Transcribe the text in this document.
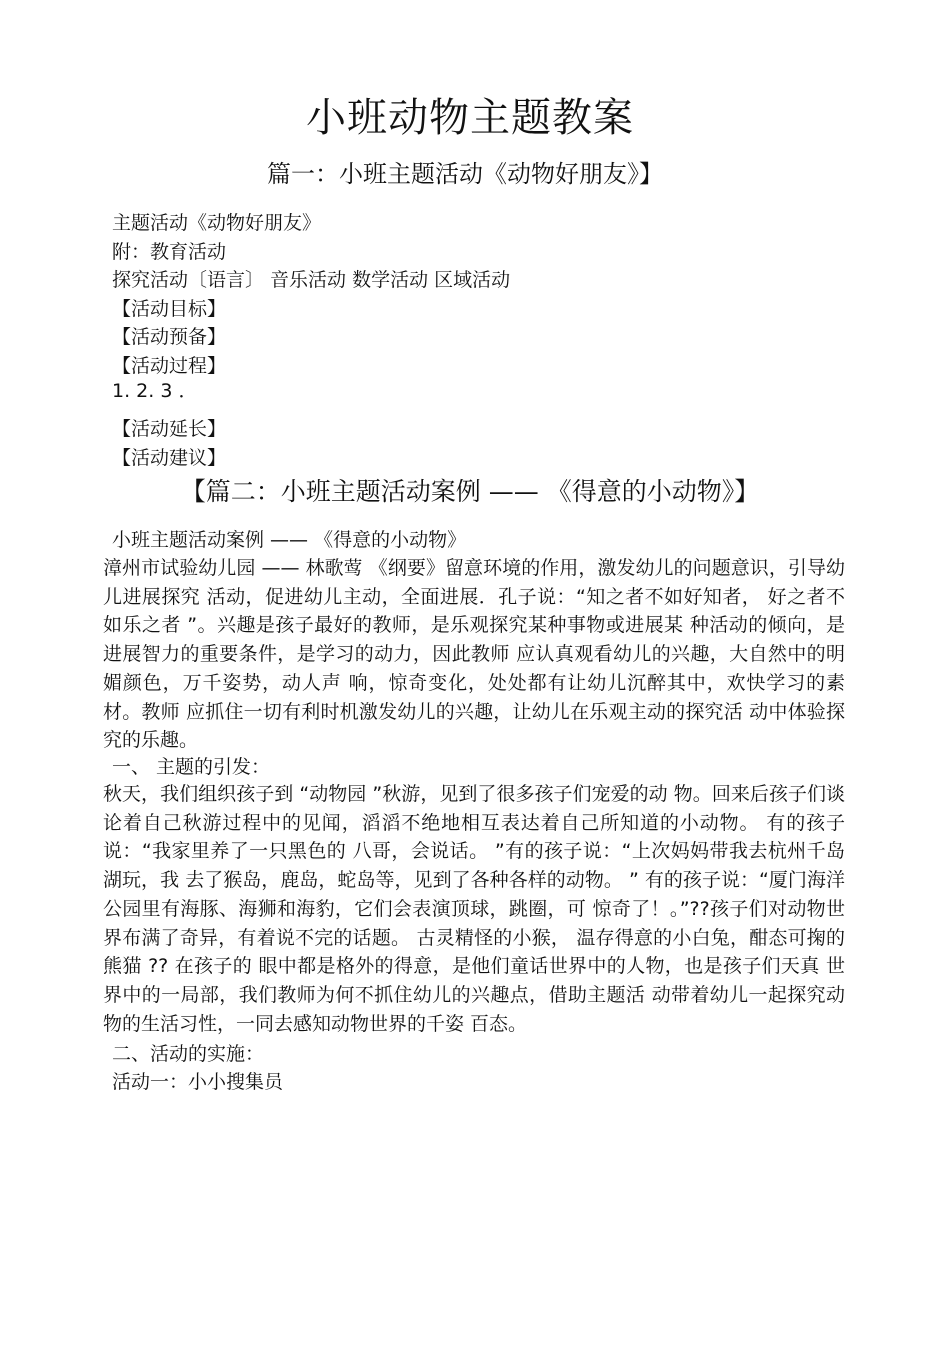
小班动物主题教案
篇一：小班主题活动《动物好朋友》】
主题活动《动物好朋友》
附：教育活动
探究活动〔语言〕 音乐活动 数学活动 区域活动
【活动目标】
【活动预备】
【活动过程】
1. 2. 3 ．
【活动延长】
【活动建议】
【篇二：小班主题活动案例 —— 《得意的小动物》】
小班主题活动案例 —— 《得意的小动物》
漳州市试验幼儿园 —— 林歌莺 《纲要》留意环境的作用，激发幼儿的问题意识，引导幼儿进展探究 活动，促进幼儿主动，全面进展．孔子说：“知之者不如好知者， 好之者不 如乐之者 ”。兴趣是孩子最好的教师，是乐观探究某种事物或进展某 种活动的倾向，是进展智力的重要条件，是学习的动力，因此教师 应认真观看幼儿的兴趣，大自然中的明媚颜色，万千姿势，动人声 响，惊奇变化，处处都有让幼儿沉醉其中，欢快学习的素材。教师 应抓住一切有利时机激发幼儿的兴趣，让幼儿在乐观主动的探究活 动中体验探究的乐趣。
一、 主题的引发：
秋天，我们组织孩子到 “动物园 ”秋游，见到了很多孩子们宠爱的动 物。回来后孩子们谈论着自己秋游过程中的见闻，滔滔不绝地相互表达着自己所知道的小动物。 有的孩子说：“我家里养了一只黑色的 八哥，会说话。 ”有的孩子说：“上次妈妈带我去杭州千岛湖玩，我 去了猴岛，鹿岛，蛇岛等，见到了各种各样的动物。 ” 有的孩子说：“厦门海洋公园里有海豚、海狮和海豹，它们会表演顶球，跳圈，可 惊奇了！。”??孩子们对动物世界布满了奇异，有着说不完的话题。 古灵精怪的小猴， 温存得意的小白兔，酣态可掬的熊猫 ?? 在孩子的 眼中都是格外的得意，是他们童话世界中的人物，也是孩子们天真 世界中的一局部，我们教师为何不抓住幼儿的兴趣点，借助主题活 动带着幼儿一起探究动物的生活习性，一同去感知动物世界的千姿 百态。
二、活动的实施：
活动一：小小搜集员
